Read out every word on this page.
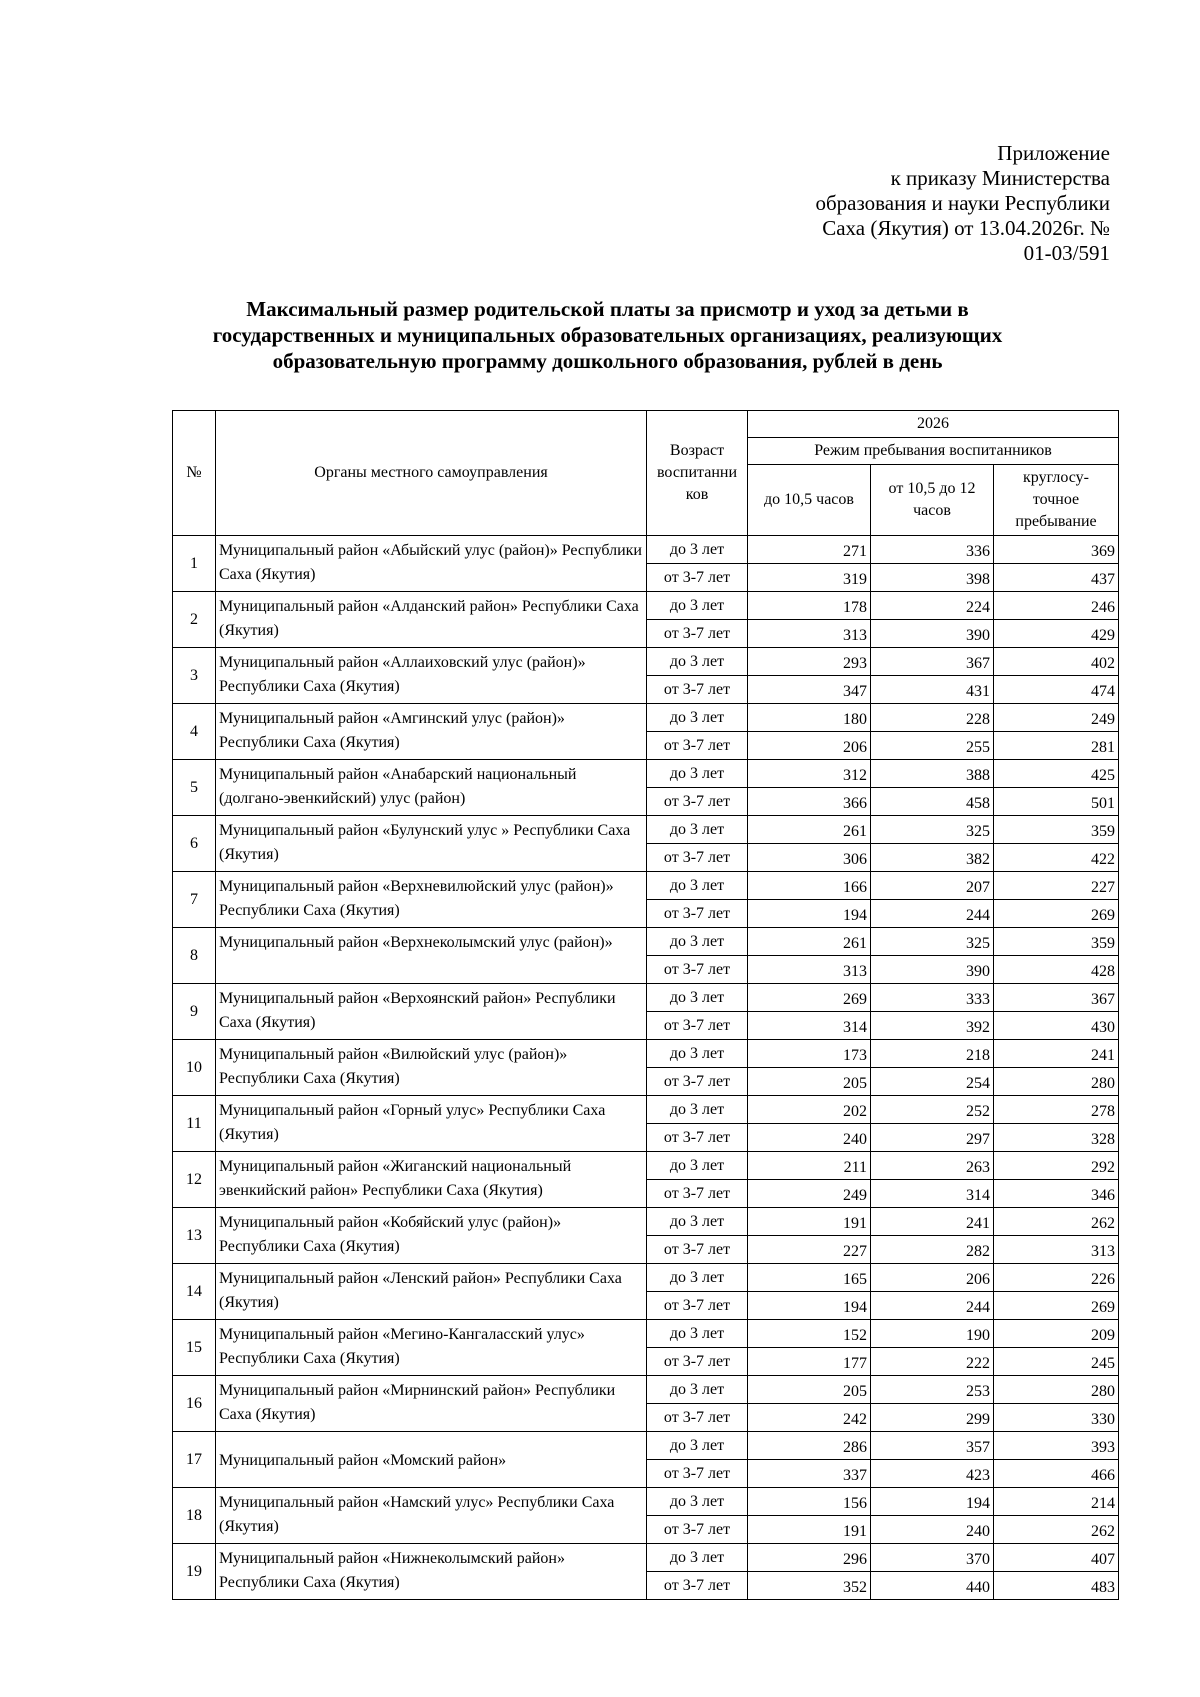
Приложение
к приказу Министерства
образования и науки Республики
Саха (Якутия) от 13.04.2026г. №
01-03/591
Максимальный размер родительской платы за присмотр и уход за детьми в
государственных и муниципальных образовательных организациях, реализующих
образовательную программу дошкольного образования, рублей в день
№	Органы местного самоуправления	Возраст воспитанни ков	2026		
			Режим пребывания воспитанников		
			до 10,5 часов	от 10,5 до 12 часов	круглосу- точное пребывание
1	Муниципальный район «Абыйский улус (район)» Республики Саха (Якутия)	до 3 лет	271	336	369
		от 3-7 лет	319	398	437
2	Муниципальный район «Алданский район» Республики Саха (Якутия)	до 3 лет	178	224	246
		от 3-7 лет	313	390	429
3	Муниципальный район «Аллаиховский улус (район)» Республики Саха (Якутия)	до 3 лет	293	367	402
		от 3-7 лет	347	431	474
4	Муниципальный район «Амгинский улус (район)» Республики Саха (Якутия)	до 3 лет	180	228	249
		от 3-7 лет	206	255	281
5	Муниципальный район «Анабарский национальный (долгано-эвенкийский) улус (район)	до 3 лет	312	388	425
		от 3-7 лет	366	458	501
6	Муниципальный район «Булунский улус » Республики Саха (Якутия)	до 3 лет	261	325	359
		от 3-7 лет	306	382	422
7	Муниципальный район «Верхневилюйский улус (район)» Республики Саха (Якутия)	до 3 лет	166	207	227
		от 3-7 лет	194	244	269
8	Муниципальный район «Верхнеколымский улус (район)»	до 3 лет	261	325	359
		от 3-7 лет	313	390	428
9	Муниципальный район «Верхоянский район» Республики Саха (Якутия)	до 3 лет	269	333	367
		от 3-7 лет	314	392	430
10	Муниципальный район «Вилюйский улус (район)» Республики Саха (Якутия)	до 3 лет	173	218	241
		от 3-7 лет	205	254	280
11	Муниципальный район «Горный улус» Республики Саха (Якутия)	до 3 лет	202	252	278
		от 3-7 лет	240	297	328
12	Муниципальный район «Жиганский национальный эвенкийский район» Республики Саха (Якутия)	до 3 лет	211	263	292
		от 3-7 лет	249	314	346
13	Муниципальный район «Кобяйский улус (район)» Республики Саха (Якутия)	до 3 лет	191	241	262
		от 3-7 лет	227	282	313
14	Муниципальный район «Ленский район» Республики Саха (Якутия)	до 3 лет	165	206	226
		от 3-7 лет	194	244	269
15	Муниципальный район «Мегино-Кангаласский улус» Республики Саха (Якутия)	до 3 лет	152	190	209
		от 3-7 лет	177	222	245
16	Муниципальный район «Мирнинский район» Республики Саха (Якутия)	до 3 лет	205	253	280
		от 3-7 лет	242	299	330
17	Муниципальный район «Момский район»	до 3 лет	286	357	393
		от 3-7 лет	337	423	466
18	Муниципальный район «Намский улус» Республики Саха (Якутия)	до 3 лет	156	194	214
		от 3-7 лет	191	240	262
19	Муниципальный район «Нижнеколымский район» Республики Саха (Якутия)	до 3 лет	296	370	407
		от 3-7 лет	352	440	483
